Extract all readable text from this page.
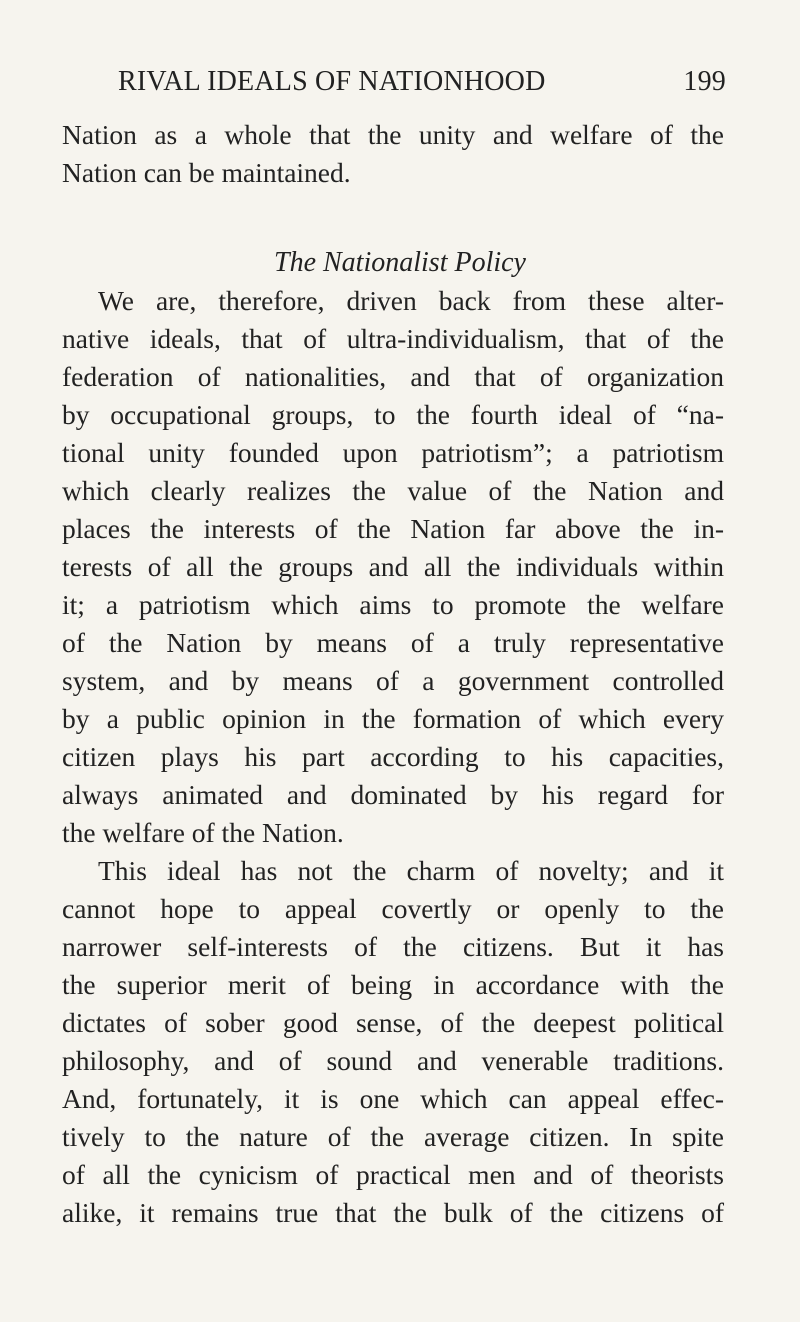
RIVAL IDEALS OF NATIONHOOD	199
Nation as a whole that the unity and welfare of the
Nation can be maintained.
The Nationalist Policy
We are, therefore, driven back from these alter-
native ideals, that of ultra-individualism, that of the
federation of nationalities, and that of organization
by occupational groups, to the fourth ideal of “na-
tional unity founded upon patriotism”; a patriotism
which clearly realizes the value of the Nation and
places the interests of the Nation far above the in-
terests of all the groups and all the individuals within
it; a patriotism which aims to promote the welfare
of the Nation by means of a truly representative
system, and by means of a government controlled
by a public opinion in the formation of which every
citizen plays his part according to his capacities,
always animated and dominated by his regard for
the welfare of the Nation.
This ideal has not the charm of novelty; and it
cannot hope to appeal covertly or openly to the
narrower self-interests of the citizens. But it has
the superior merit of being in accordance with the
dictates of sober good sense, of the deepest political
philosophy, and of sound and venerable traditions.
And, fortunately, it is one which can appeal effec-
tively to the nature of the average citizen. In spite
of all the cynicism of practical men and of theorists
alike, it remains true that the bulk of the citizens of
